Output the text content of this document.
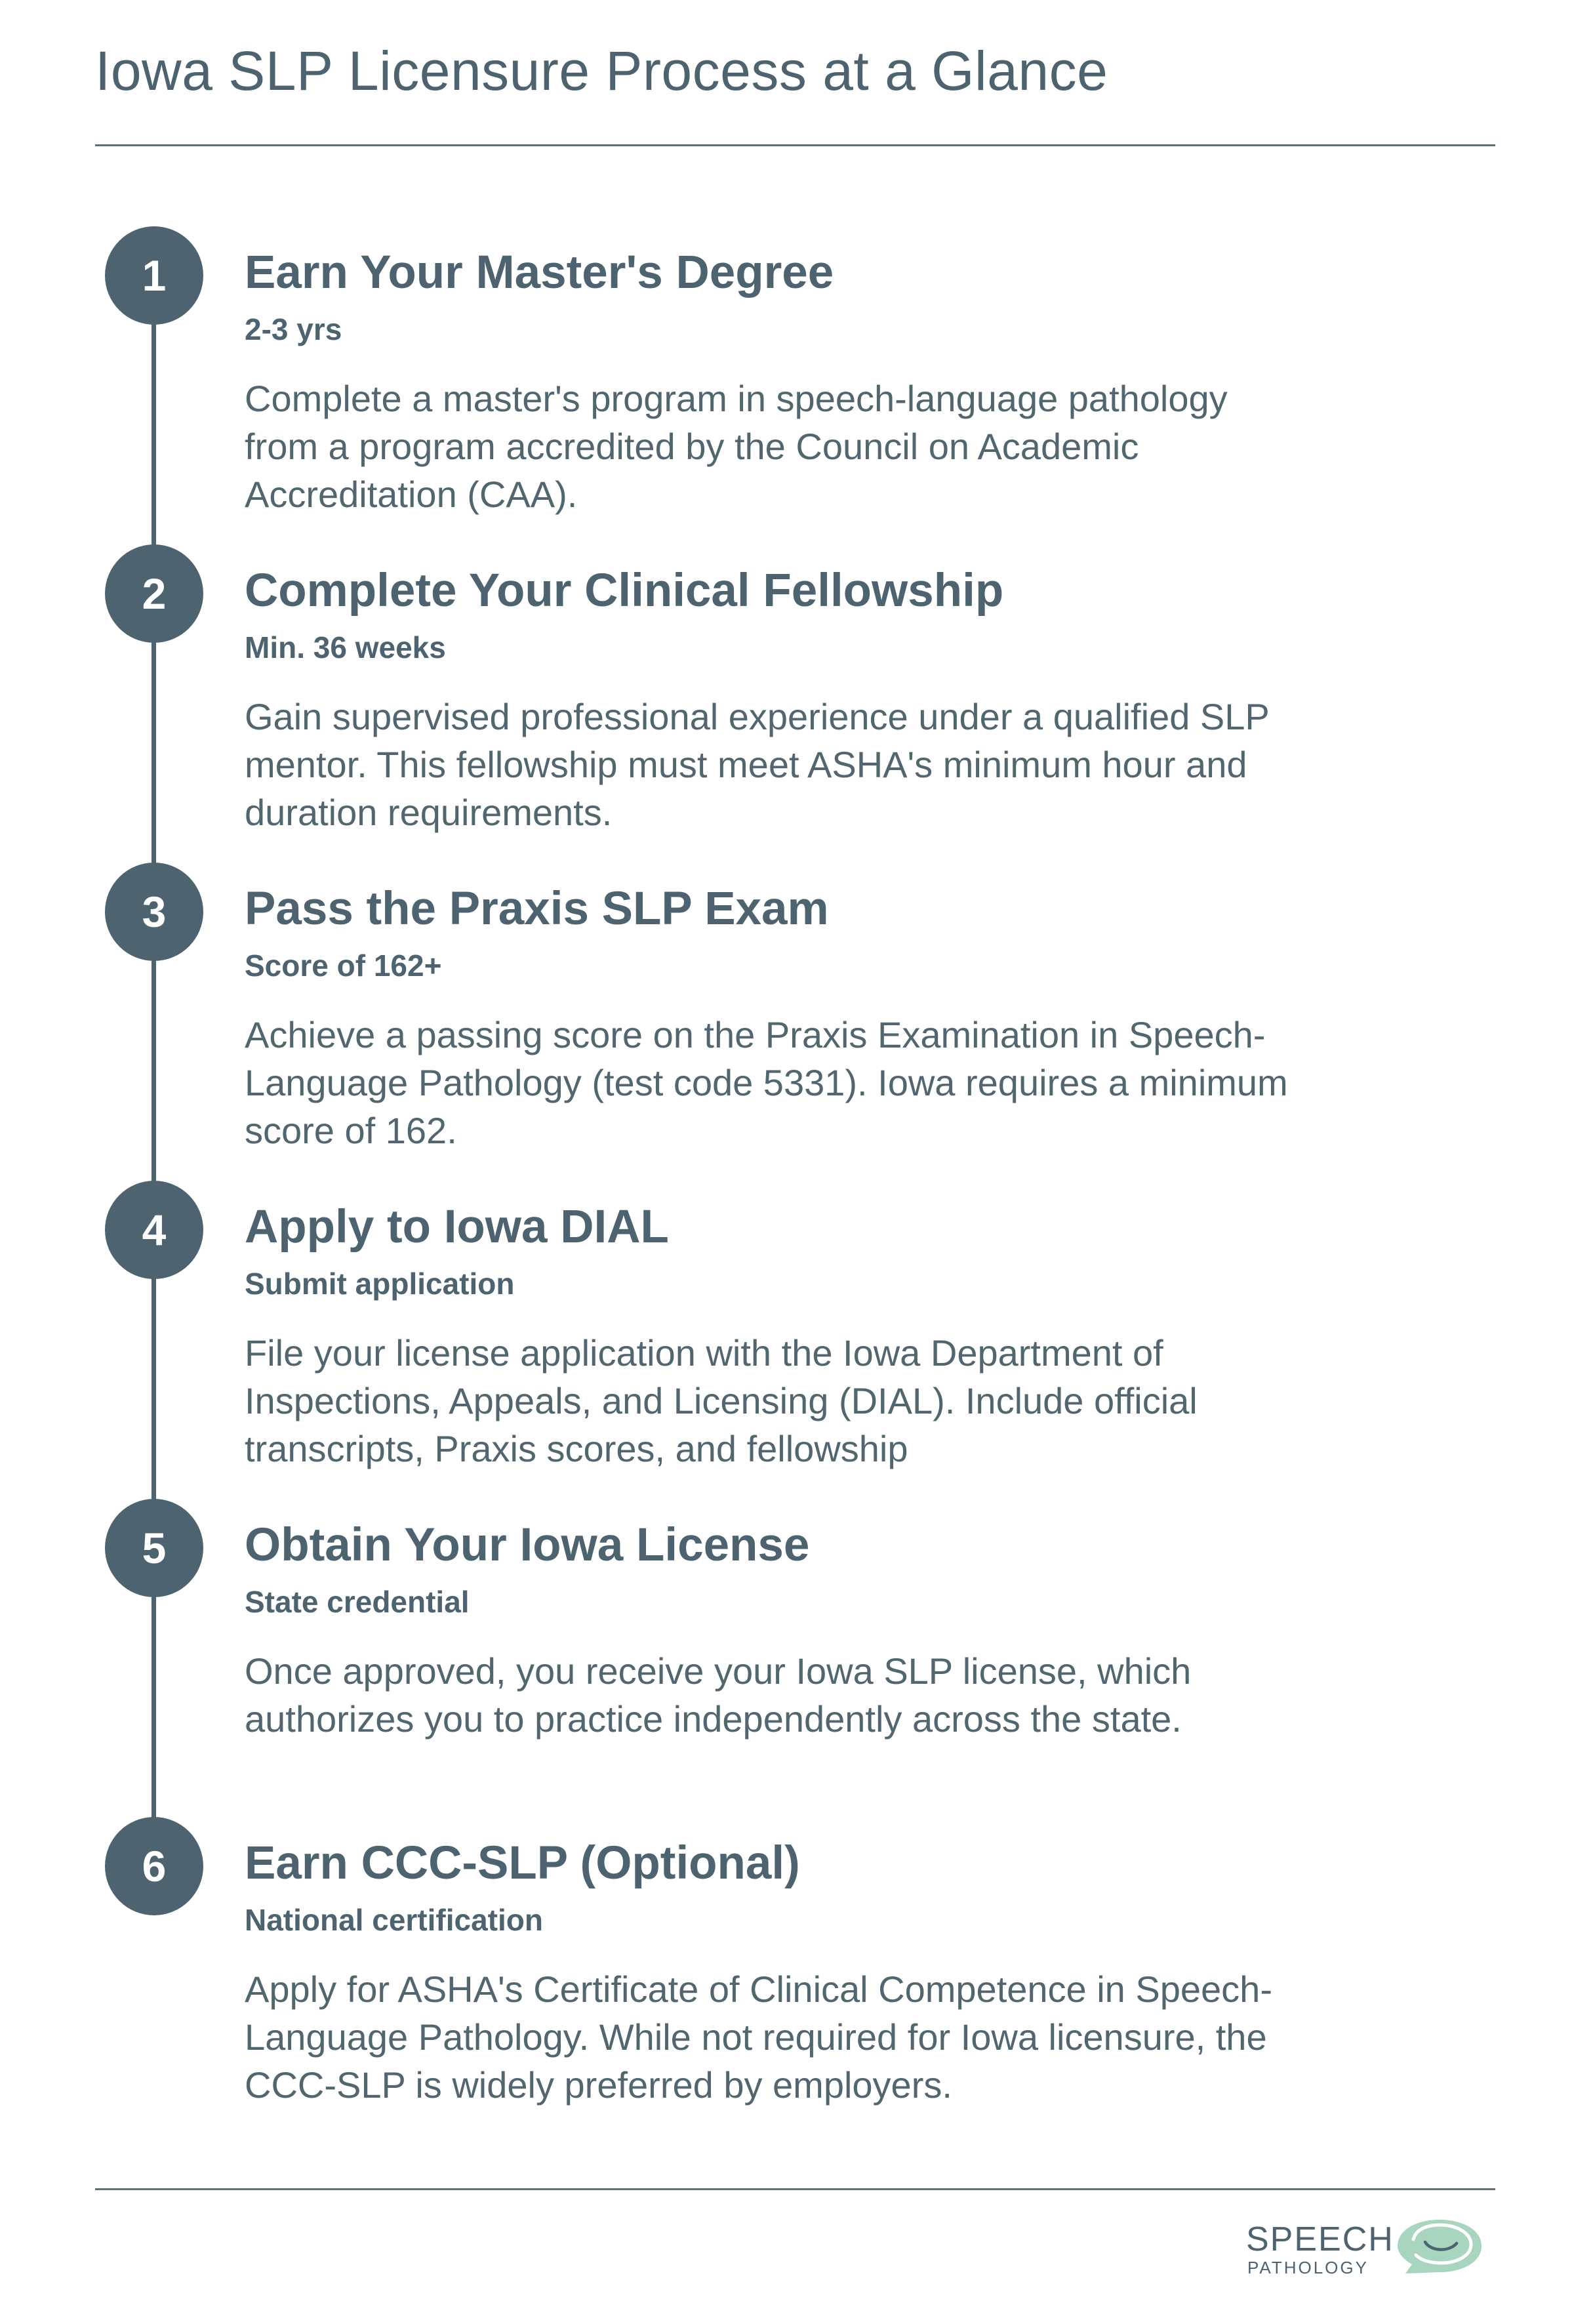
Iowa SLP Licensure Process at a Glance
1	Earn Your Master's Degree
2-3 yrs
Complete a master's program in speech-language pathology from a program accredited by the Council on Academic Accreditation (CAA).
2	Complete Your Clinical Fellowship
Min. 36 weeks
Gain supervised professional experience under a qualified SLP mentor. This fellowship must meet ASHA's minimum hour and duration requirements.
3	Pass the Praxis SLP Exam
Score of 162+
Achieve a passing score on the Praxis Examination in Speech-Language Pathology (test code 5331). Iowa requires a minimum score of 162.
4	Apply to Iowa DIAL
Submit application
File your license application with the Iowa Department of Inspections, Appeals, and Licensing (DIAL). Include official transcripts, Praxis scores, and fellowship
5	Obtain Your Iowa License
State credential
Once approved, you receive your Iowa SLP license, which authorizes you to practice independently across the state.
6	Earn CCC-SLP (Optional)
National certification
Apply for ASHA's Certificate of Clinical Competence in Speech-Language Pathology. While not required for Iowa licensure, the CCC-SLP is widely preferred by employers.
SPEECH
PATHOLOGY
